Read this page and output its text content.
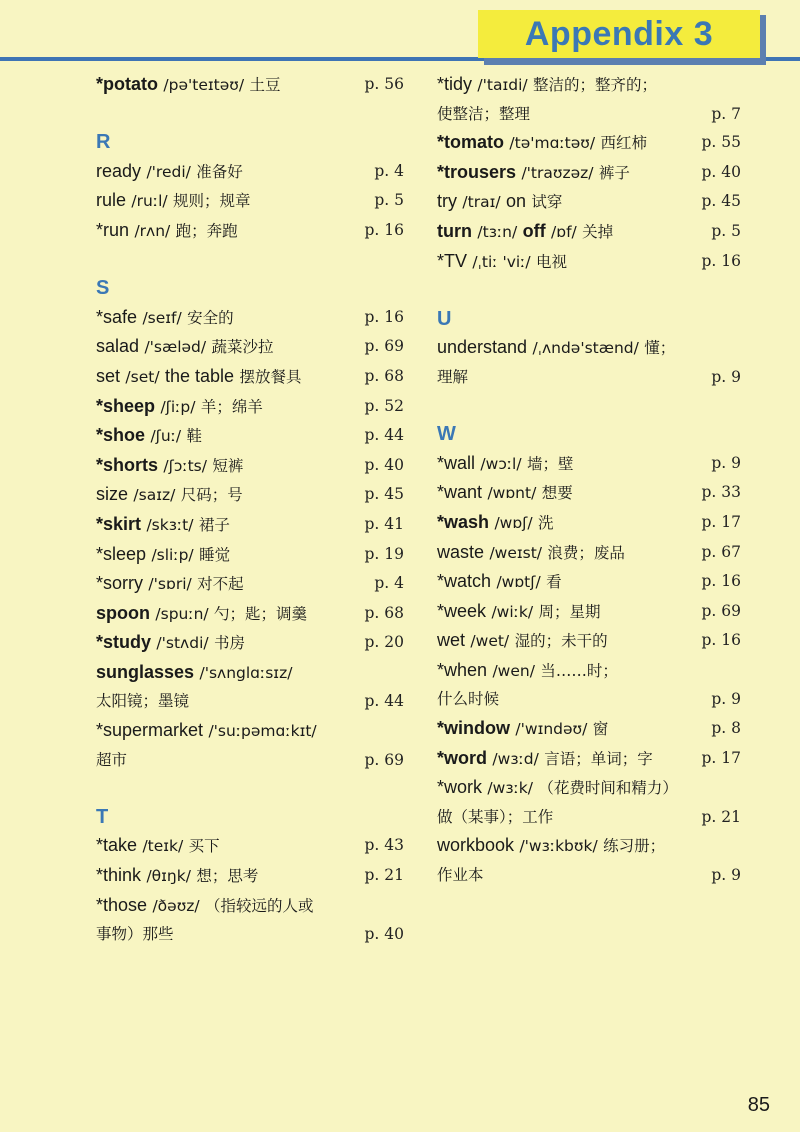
Appendix 3
*potato /pə'teɪtəʊ/ 土豆	p. 56
R
ready /'redi/ 准备好	p. 4
rule /ruːl/ 规则；规章	p. 5
*run /rʌn/ 跑；奔跑	p. 16
S
*safe /seɪf/ 安全的	p. 16
salad /'sæləd/ 蔬菜沙拉	p. 69
set /set/ the table 摆放餐具	p. 68
*sheep /ʃiːp/ 羊；绵羊	p. 52
*shoe /ʃuː/ 鞋	p. 44
*shorts /ʃɔːts/ 短裤	p. 40
size /saɪz/ 尺码；号	p. 45
*skirt /skɜːt/ 裙子	p. 41
*sleep /sliːp/ 睡觉	p. 19
*sorry /'sɒri/ 对不起	p. 4
spoon /spuːn/ 勺；匙；调羹	p. 68
*study /'stʌdi/ 书房	p. 20
sunglasses /'sʌnglɑːsɪz/
太阳镜；墨镜	p. 44
*supermarket /'suːpəmɑːkɪt/
超市	p. 69
T
*take /teɪk/ 买下	p. 43
*think /θɪŋk/ 想；思考	p. 21
*those /ðəʊz/ （指较远的人或
事物）那些	p. 40
*tidy /'taɪdi/ 整洁的；整齐的；
使整洁；整理	p. 7
*tomato /tə'mɑːtəʊ/ 西红柿	p. 55
*trousers /'traʊzəz/ 裤子	p. 40
try /traɪ/ on 试穿	p. 45
turn /tɜːn/ off /ɒf/ 关掉	p. 5
*TV /ˌtiː 'viː/ 电视	p. 16
U
understand /ˌʌndə'stænd/ 懂；
理解	p. 9
W
*wall /wɔːl/ 墙；壁	p. 9
*want /wɒnt/ 想要	p. 33
*wash /wɒʃ/ 洗	p. 17
waste /weɪst/ 浪费；废品	p. 67
*watch /wɒtʃ/ 看	p. 16
*week /wiːk/ 周；星期	p. 69
wet /wet/ 湿的；未干的	p. 16
*when /wen/ 当……时；
什么时候	p. 9
*window /'wɪndəʊ/ 窗	p. 8
*word /wɜːd/ 言语；单词；字	p. 17
*work /wɜːk/ （花费时间和精力）
做（某事）；工作	p. 21
workbook /'wɜːkbʊk/ 练习册；
作业本	p. 9
85
